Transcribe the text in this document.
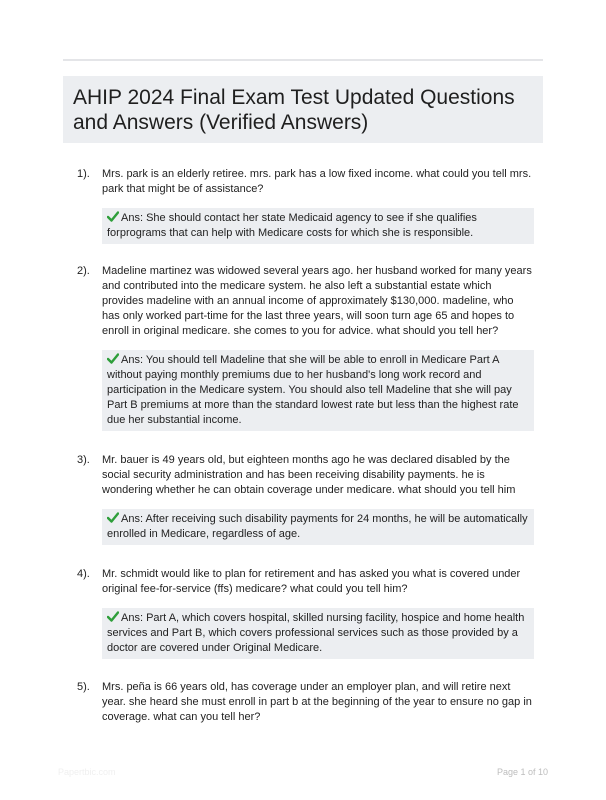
AHIP 2024 Final Exam Test Updated Questions and Answers (Verified Answers)
1). Mrs. park is an elderly retiree. mrs. park has a low fixed income. what could you tell mrs. park that might be of assistance?
Ans: She should contact her state Medicaid agency to see if she qualifies forprograms that can help with Medicare costs for which she is responsible.
2). Madeline martinez was widowed several years ago. her husband worked for many years and contributed into the medicare system. he also left a substantial estate which provides madeline with an annual income of approximately $130,000. madeline, who has only worked part-time for the last three years, will soon turn age 65 and hopes to enroll in original medicare. she comes to you for advice. what should you tell her?
Ans: You should tell Madeline that she will be able to enroll in Medicare Part A without paying monthly premiums due to her husband's long work record and participation in the Medicare system. You should also tell Madeline that she will pay Part B premiums at more than the standard lowest rate but less than the highest rate due her substantial income.
3). Mr. bauer is 49 years old, but eighteen months ago he was declared disabled by the social security administration and has been receiving disability payments. he is wondering whether he can obtain coverage under medicare. what should you tell him
Ans: After receiving such disability payments for 24 months, he will be automatically enrolled in Medicare, regardless of age.
4). Mr. schmidt would like to plan for retirement and has asked you what is covered under original fee-for-service (ffs) medicare? what could you tell him?
Ans: Part A, which covers hospital, skilled nursing facility, hospice and home health services and Part B, which covers professional services such as those provided by a doctor are covered under Original Medicare.
5). Mrs. peña is 66 years old, has coverage under an employer plan, and will retire next year. she heard she must enroll in part b at the beginning of the year to ensure no gap in coverage. what can you tell her?
Papertbic.com	Page 1 of 10
